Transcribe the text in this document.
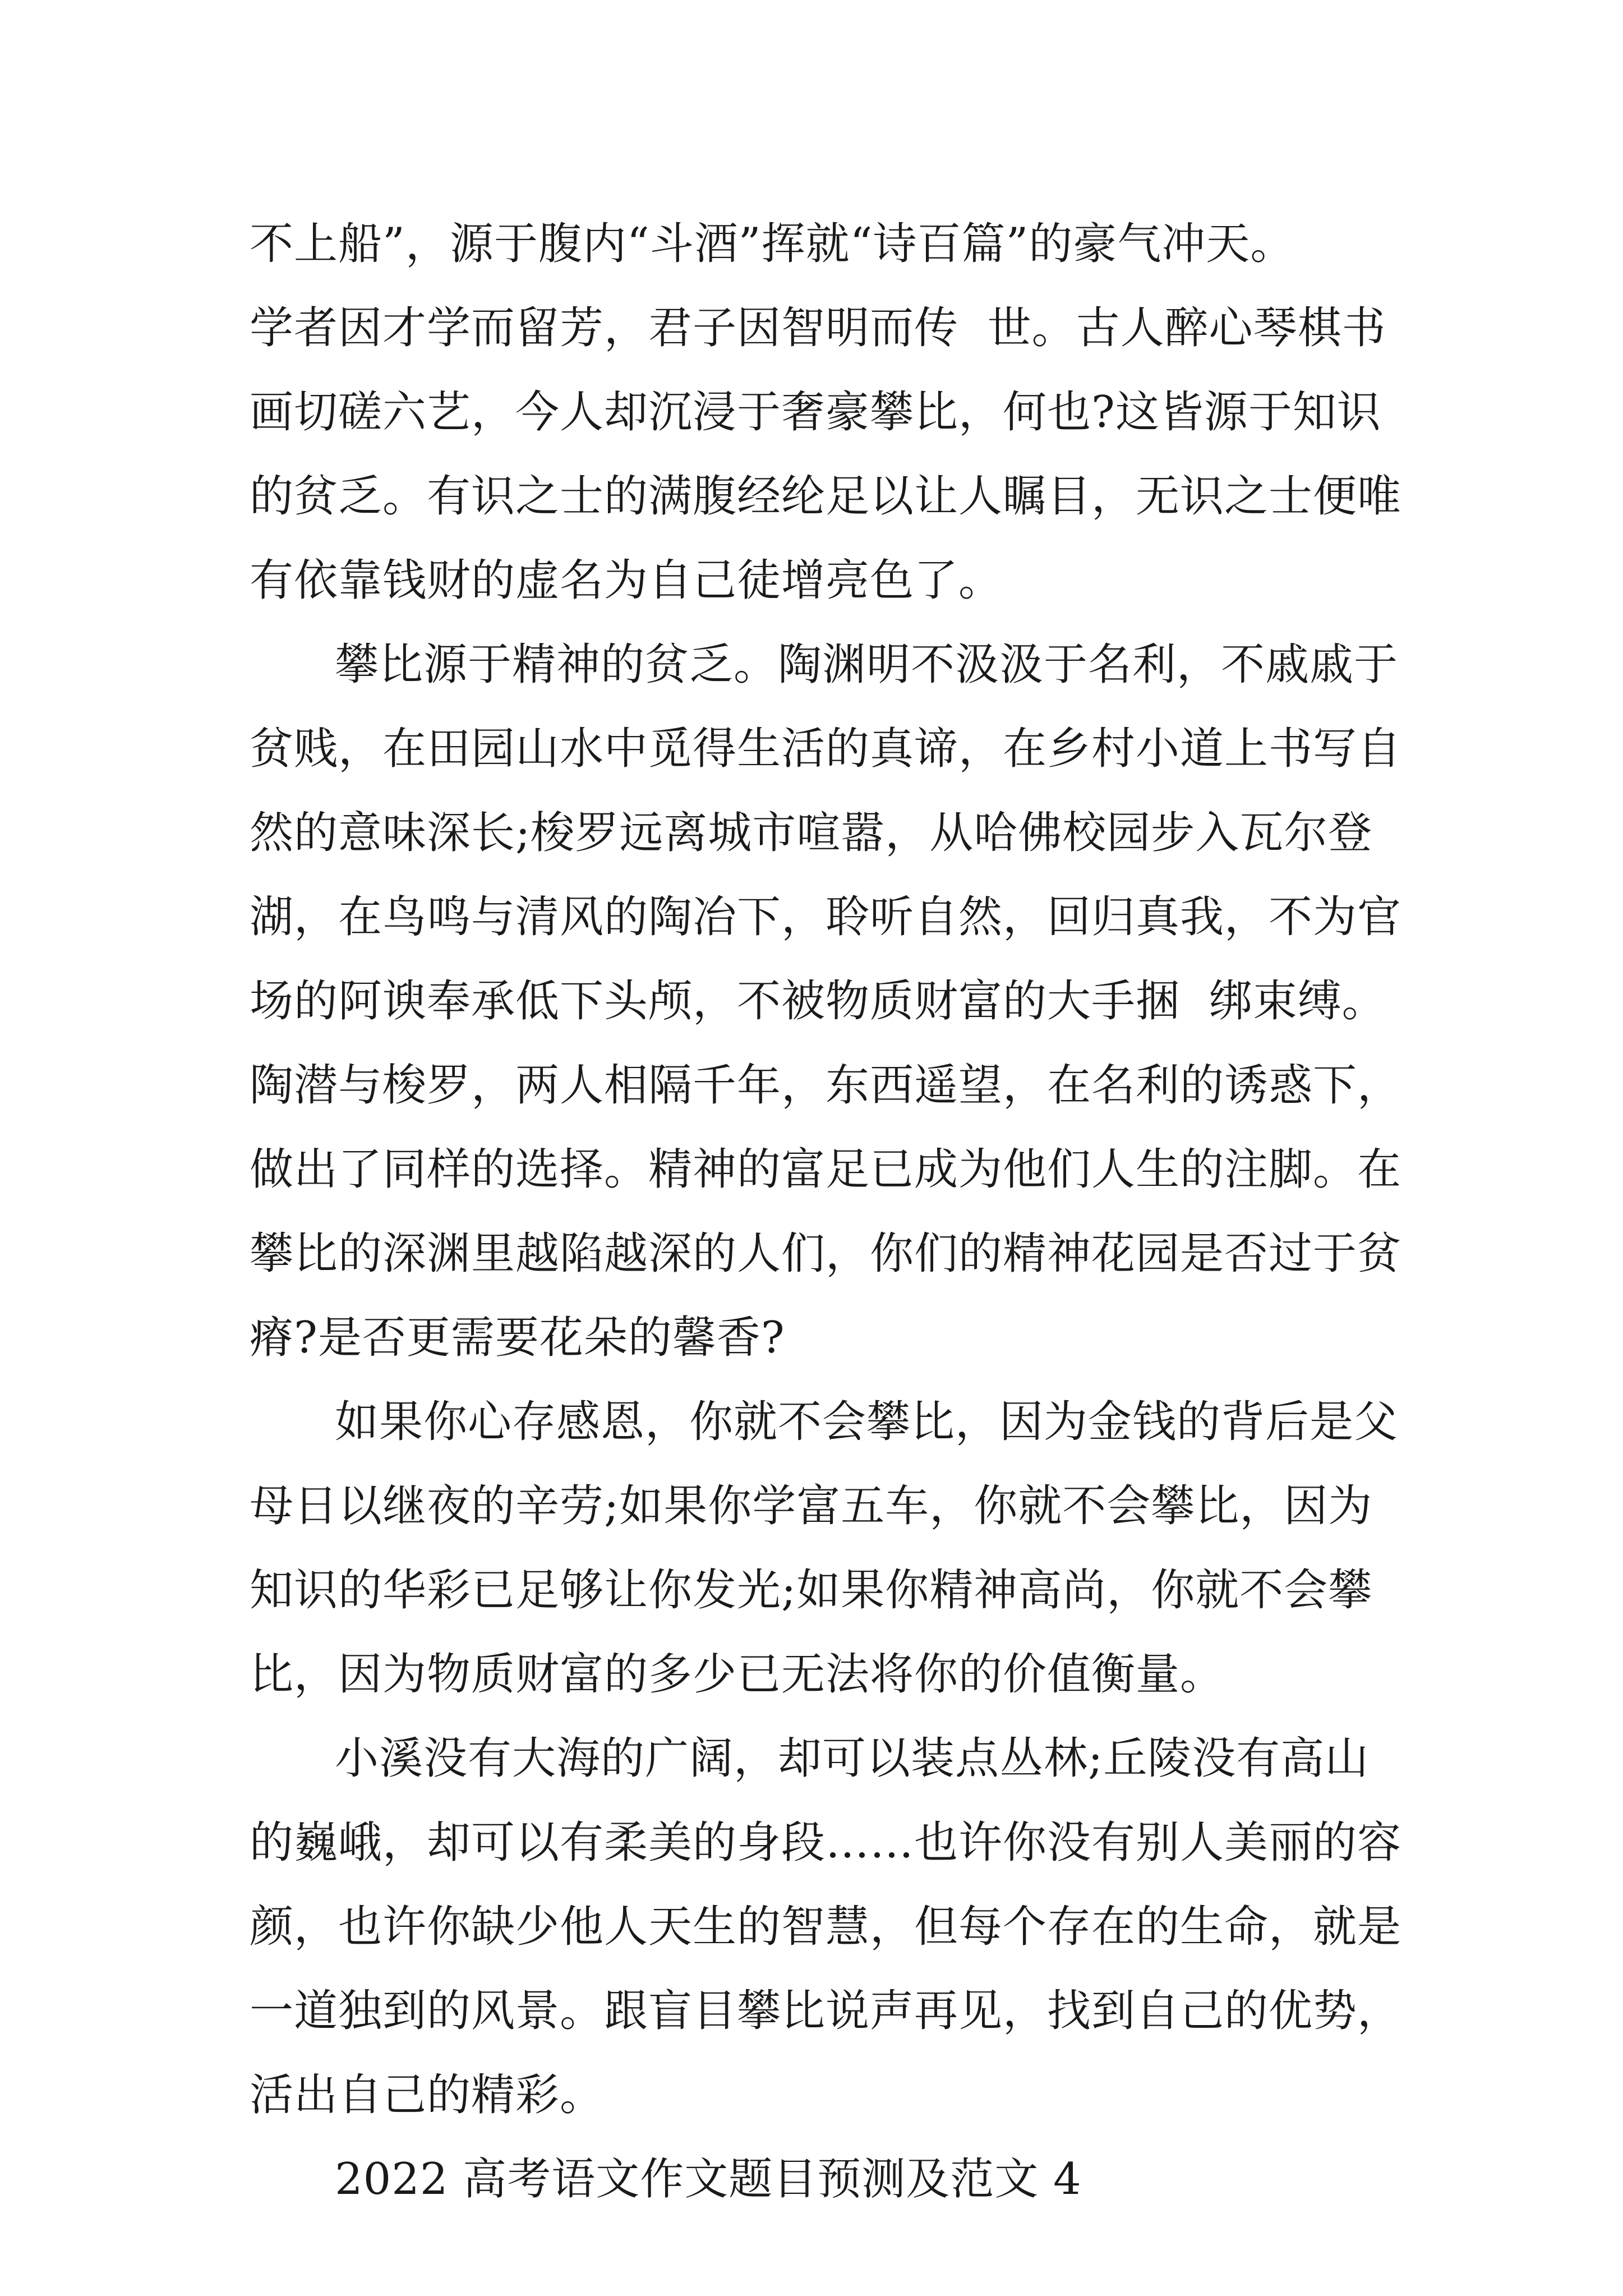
不上船”，源于腹内“斗酒”挥就“诗百篇”的豪气冲天。
学者因才学而留芳，君子因智明而传  世。古人醉心琴棋书
画切磋六艺，今人却沉浸于奢豪攀比，何也?这皆源于知识
的贫乏。有识之士的满腹经纶足以让人瞩目，无识之士便唯
有依靠钱财的虚名为自己徒增亮色了。
攀比源于精神的贫乏。陶渊明不汲汲于名利，不戚戚于
贫贱，在田园山水中觅得生活的真谛，在乡村小道上书写自
然的意味深长;梭罗远离城市喧嚣，从哈佛校园步入瓦尔登
湖，在鸟鸣与清风的陶冶下，聆听自然，回归真我，不为官
场的阿谀奉承低下头颅，不被物质财富的大手捆  绑束缚。
陶潜与梭罗，两人相隔千年，东西遥望，在名利的诱惑下，
做出了同样的选择。精神的富足已成为他们人生的注脚。在
攀比的深渊里越陷越深的人们，你们的精神花园是否过于贫
瘠?是否更需要花朵的馨香?
如果你心存感恩，你就不会攀比，因为金钱的背后是父
母日以继夜的辛劳;如果你学富五车，你就不会攀比，因为
知识的华彩已足够让你发光;如果你精神高尚，你就不会攀
比，因为物质财富的多少已无法将你的价值衡量。
小溪没有大海的广阔，却可以装点丛林;丘陵没有高山
的巍峨，却可以有柔美的身段……也许你没有别人美丽的容
颜，也许你缺少他人天生的智慧，但每个存在的生命，就是
一道独到的风景。跟盲目攀比说声再见，找到自己的优势，
活出自己的精彩。
2022 高考语文作文题目预测及范文 4
